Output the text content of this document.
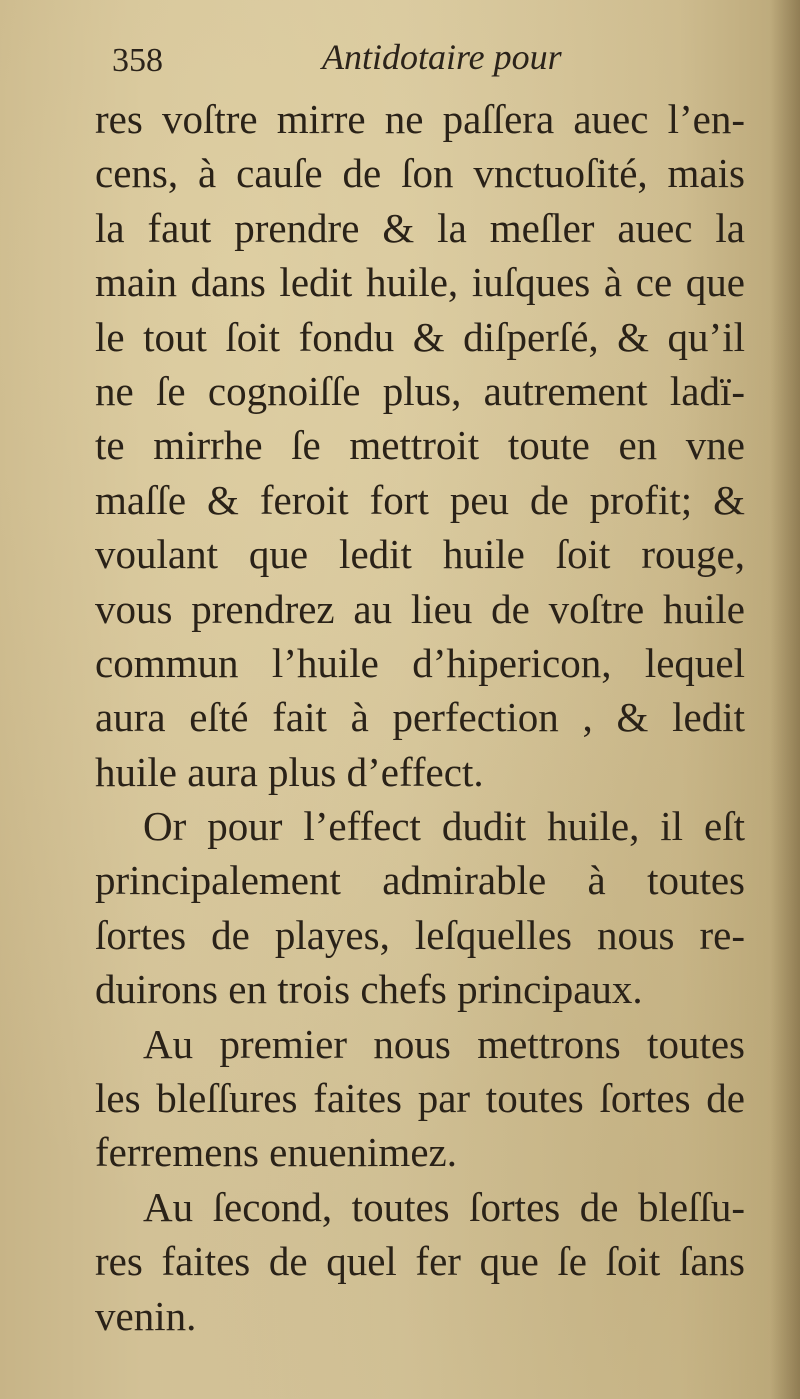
358	Antidotaire pour
res voſtre mirre ne paſſera auec l’en-
cens, à cauſe de ſon vnctuoſité, mais
la faut prendre & la meſler auec la
main dans ledit huile, iuſques à ce que
le tout ſoit fondu & diſperſé, & qu’il
ne ſe cognoiſſe plus, autrement ladï-
te mirrhe ſe mettroit toute en vne
maſſe & feroit fort peu de profit; &
voulant que ledit huile ſoit rouge,
vous prendrez au lieu de voſtre huile
commun l’huile d’hipericon, lequel
aura eſté fait à perfection , & ledit
huile aura plus d’effect.
Or pour l’effect dudit huile, il eſt
principalement admirable à toutes
ſortes de playes, leſquelles nous re-
duirons en trois chefs principaux.
Au premier nous mettrons toutes
les bleſſures faites par toutes ſortes de
ferremens enuenimez.
Au ſecond, toutes ſortes de bleſſu-
res faites de quel fer que ſe ſoit ſans
venin.
